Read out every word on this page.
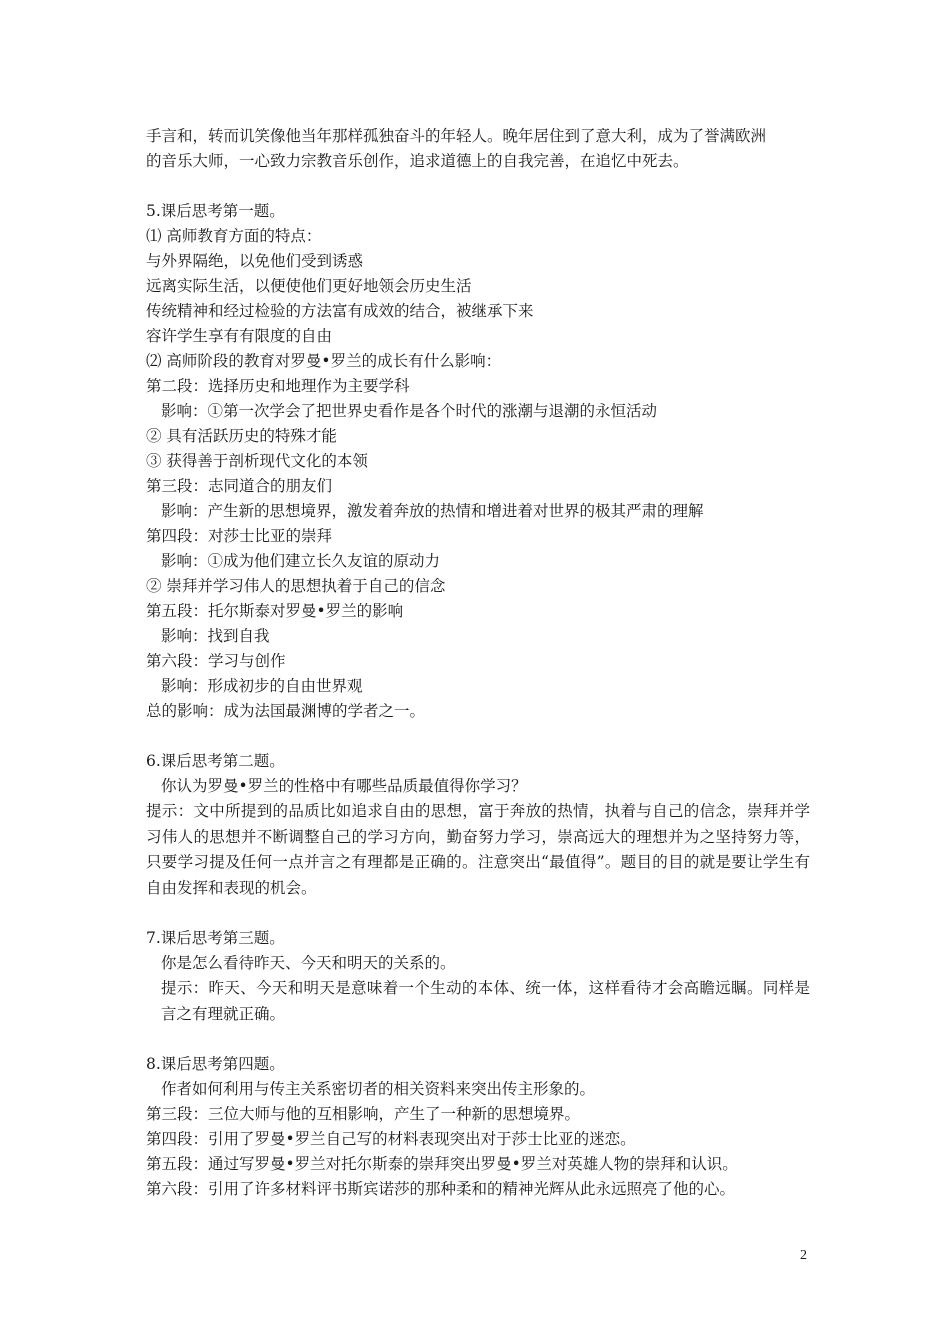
手言和，转而讥笑像他当年那样孤独奋斗的年轻人。晚年居住到了意大利，成为了誉满欧洲
的音乐大师，一心致力宗教音乐创作，追求道德上的自我完善，在追忆中死去。
5.课后思考第一题。
⑴ 高师教育方面的特点：
与外界隔绝，以免他们受到诱惑
远离实际生活，以便使他们更好地领会历史生活
传统精神和经过检验的方法富有成效的结合，被继承下来
容许学生享有有限度的自由
⑵ 高师阶段的教育对罗曼•罗兰的成长有什么影响：
第二段：选择历史和地理作为主要学科
影响：①第一次学会了把世界史看作是各个时代的涨潮与退潮的永恒活动
② 具有活跃历史的特殊才能
③ 获得善于剖析现代文化的本领
第三段：志同道合的朋友们
影响：产生新的思想境界，激发着奔放的热情和增进着对世界的极其严肃的理解
第四段：对莎士比亚的崇拜
影响：①成为他们建立长久友谊的原动力
② 崇拜并学习伟人的思想执着于自己的信念
第五段：托尔斯泰对罗曼•罗兰的影响
影响：找到自我
第六段：学习与创作
影响：形成初步的自由世界观
总的影响：成为法国最渊博的学者之一。
6.课后思考第二题。
你认为罗曼•罗兰的性格中有哪些品质最值得你学习？
提示：文中所提到的品质比如追求自由的思想，富于奔放的热情，执着与自己的信念，崇拜并学习伟人的思想并不断调整自己的学习方向，勤奋努力学习，崇高远大的理想并为之坚持努力等，只要学习提及任何一点并言之有理都是正确的。注意突出“最值得”。题目的目的就是要让学生有自由发挥和表现的机会。
7.课后思考第三题。
你是怎么看待昨天、今天和明天的关系的。
提示：昨天、今天和明天是意味着一个生动的本体、统一体，这样看待才会高瞻远瞩。同样是言之有理就正确。
8.课后思考第四题。
作者如何利用与传主关系密切者的相关资料来突出传主形象的。
第三段：三位大师与他的互相影响，产生了一种新的思想境界。
第四段：引用了罗曼•罗兰自己写的材料表现突出对于莎士比亚的迷恋。
第五段：通过写罗曼•罗兰对托尔斯泰的崇拜突出罗曼•罗兰对英雄人物的崇拜和认识。
第六段：引用了许多材料评书斯宾诺莎的那种柔和的精神光辉从此永远照亮了他的心。
2
